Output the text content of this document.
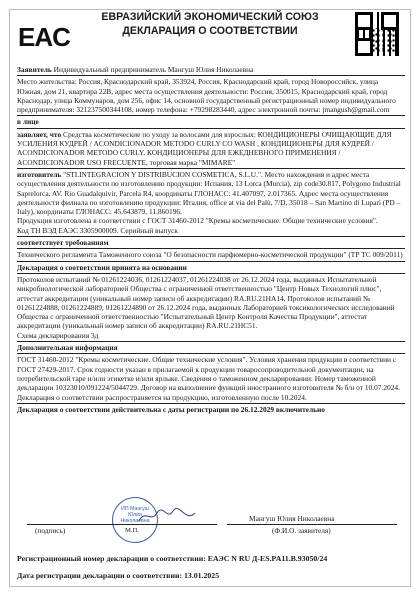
EAC
ЕВРАЗИЙСКИЙ ЭКОНОМИЧЕСКИЙ СОЮЗ
ДЕКЛАРАЦИЯ О СООТВЕТСТВИИ

Заявитель Индивидуальный предприниматель Мангуш Юлия Николаевна

Место жительства: Россия, Краснодарский край, 353924, Россия, Краснодарский край, город Новороссийск, улица Южная, дом 21, квартира 22В, адрес места осуществления деятельности: Россия, 350015, Краснодарский край, город Краснодар, улица Коммунаров, дом 256, офис 14, основной государственный регистрационный номер индивидуального предпринимателя: 321237500344108, номер телефона: +79298283440, адрес электронной почты: jmangush@gmail.com

в лице

заявляет, что Средства косметические по уходу за волосами для взрослых: КОНДИЦИОНЕРЫ ОЧИЩАЮЩИЕ ДЛЯ УСИЛЕНИЯ КУДРЕЙ / ACONDICIONADOR METODO CURLY CO WASH , КОНДИЦИОНЕРЫ ДЛЯ КУДРЕЙ / ACONDICIONADOR METODO CURLY, КОНДИЦИОНЕРЫ ДЛЯ ЕЖЕДНЕВНОГО ПРИМЕНЕНИЯ / ACONDICIONADOR USO FRECUENTE, торговая марка "MIMARE"

изготовитель "STI.INTEGRACION Y DISTRIBUCION COSMETICA, S.L.U.". Место нахождения и адрес места осуществления деятельности по изготовлению продукции: Испания, 13 Lorca (Murcia), zip code30.817, Polygono Industrial Saprelorca, AV. Rio Guadalquivir, Parcela R4, координаты ГЛОНАСС: 41.407097, 2.017365. Адрес места осуществления деятельности филиала по изготовлению продукции: Италия, office at via del Palù, 7/D, 35018 – San Martino di Lupari (PD – Italy), координаты ГЛОНАСС: 45.643879, 11.860196.

Продукция изготовлена в соответствии с ГОСТ 31460-2012 "Кремы косметические. Общие технические условия".

Код ТН ВЭД ЕАЭС 3305900009. Серийный выпуск

соответствует требованиям

Технического регламента Таможенного союза "О безопасности парфюмерно-косметической продукции" (ТР ТС 009/2011)

Декларация о соответствии принята на основании

Протоколов испытаний № 01261224036, 01261224037, 01261224038 от 26.12.2024 года, выданных Испытательной микробиологической лабораторией Общества с ограниченной ответственностью "Центр Новых Технологий плюс", аттестат аккредитации (уникальный номер записи об аккредитации) RA.RU.21НА14, Протоколов испытаний № 01261224888, 01261224889, 01261224890 от 26.12.2024 года, выданных Лабораторией токсикологических исследований Общества с ограниченной ответственностью "Испытательный Центр Контроля Качества Продукции", аттестат аккредитации (уникальный номер записи об аккредитации) RA.RU.21HC51.

Схема декларирования 3д

Дополнительная информация

ГОСТ 31460-2012 "Кремы косметические. Общие технические условия". Условия хранения продукции в соответствии с ГОСТ 27429-2017. Срок годности указан в прилагаемой к продукции товаросопроводительной документации, на потребительской таре и/или этикетке и/или ярлыке. Сведения о таможенном декларировании: Номер таможенной декларации 10323010/091224/5044729. Договор на выполнение функций иностранного изготовителя № б/н от 10.07.2024. Декларация о соответствии распространяется на продукцию, изготовленную после 10.2024.

Декларация о соответствии действительна с даты регистрации по 26.12.2029 включительно

ИП Мангуш Юлия Николаевна	Мангуш Юлия Николаевна
(подпись)	М.П.	(Ф.И.О. заявителя)
Регистрационный номер декларации о соответствии: ЕАЭС N RU Д-ES.PA11.B.93050/24
Дата регистрации декларации о соответствии: 13.01.2025
